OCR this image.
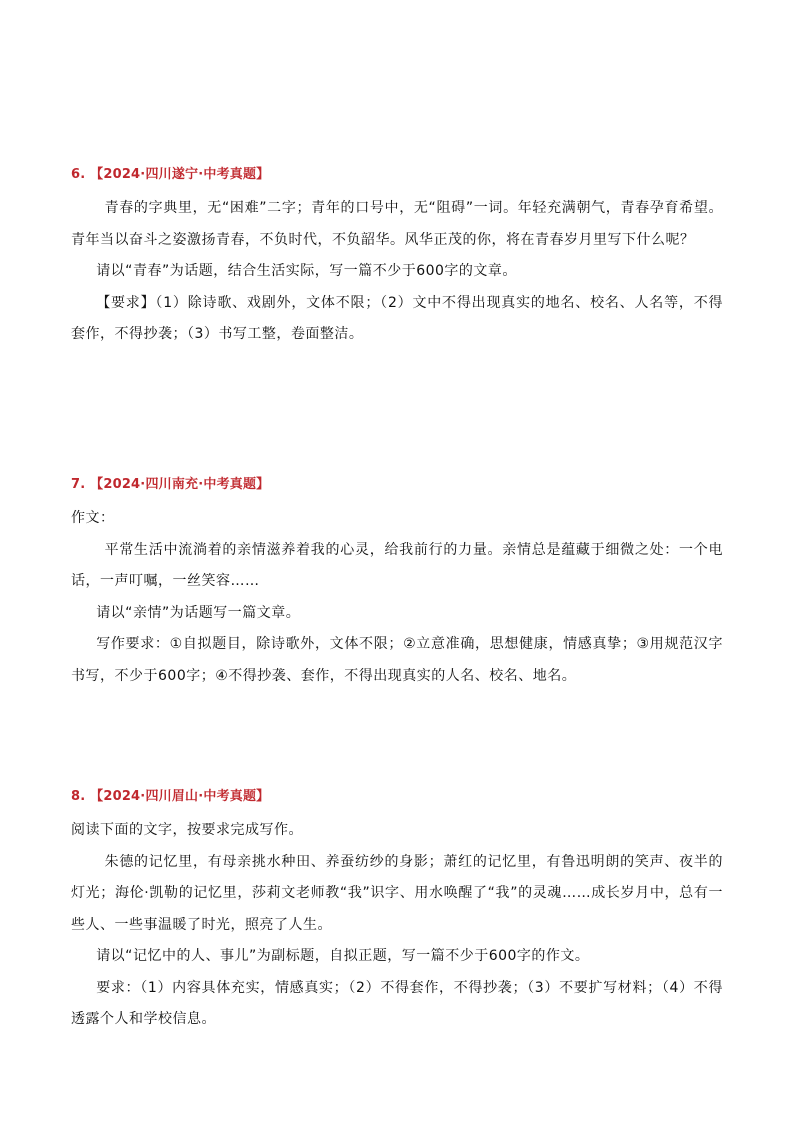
6. 【2024·四川遂宁·中考真题】

青春的字典里，无“困难”二字；青年的口号中，无“阻碍”一词。年轻充满朝气，青春孕育希望。青年当以奋斗之姿激扬青春，不负时代，不负韶华。风华正茂的你，将在青春岁月里写下什么呢？

请以“青春”为话题，结合生活实际，写一篇不少于600字的文章。

【要求】（1）除诗歌、戏剧外，文体不限；（2）文中不得出现真实的地名、校名、人名等，不得套作，不得抄袭；（3）书写工整，卷面整洁。

7. 【2024·四川南充·中考真题】

作文：

平常生活中流淌着的亲情滋养着我的心灵，给我前行的力量。亲情总是蕴藏于细微之处：一个电话，一声叮嘱，一丝笑容……

请以“亲情”为话题写一篇文章。

写作要求：①自拟题目，除诗歌外，文体不限；②立意准确，思想健康，情感真挚；③用规范汉字书写，不少于600字；④不得抄袭、套作，不得出现真实的人名、校名、地名。

8. 【2024·四川眉山·中考真题】

阅读下面的文字，按要求完成写作。

朱德的记忆里，有母亲挑水种田、养蚕纺纱的身影；萧红的记忆里，有鲁迅明朗的笑声、夜半的灯光；海伦·凯勒的记忆里，莎莉文老师教“我”识字、用水唤醒了“我”的灵魂……成长岁月中，总有一些人、一些事温暖了时光，照亮了人生。

请以“记忆中的人、事儿”为副标题，自拟正题，写一篇不少于600字的作文。

要求：（1）内容具体充实，情感真实；（2）不得套作，不得抄袭；（3）不要扩写材料；（4）不得透露个人和学校信息。
